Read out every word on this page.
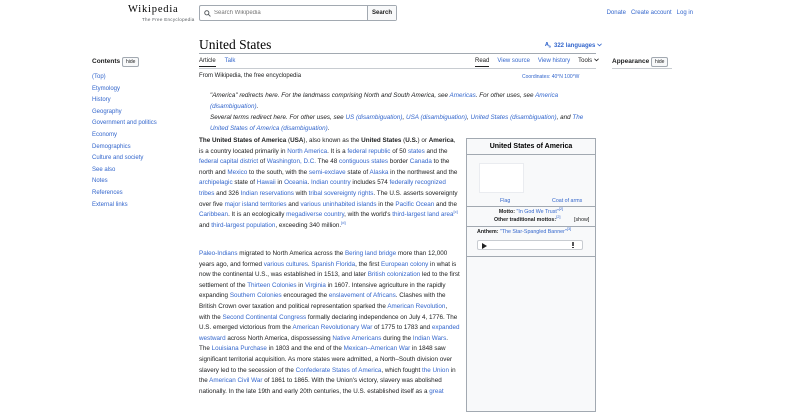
Wikipedia
The Free Encyclopedia
Search Wikipedia
Search	Donate Create account Log in
Contents	hide
(Top)
Etymology
History
Geography
Government and politics
Economy
Demographics
Culture and society
See also
Notes
References
External links
United States	A a 322 languages
Article Talk	Read View source View history Tools	Appearance	hide
From Wikipedia, the free encyclopedia	Coordinates: 40°N 100°W
"America" redirects here. For the landmass comprising North and South America, see Americas. For other uses, see America (disambiguation).
Several terms redirect here. For other uses, see US (disambiguation), USA (disambiguation), United States (disambiguation), and The United States of America (disambiguation).
The United States of America (USA), also known as the United States (U.S.) or America, is a country located primarily in North America. It is a federal republic of 50 states and the federal capital district of Washington, D.C. The 48 contiguous states border Canada to the north and Mexico to the south, with the semi-exclave state of Alaska in the northwest and the archipelagic state of Hawaii in Oceania. Indian country includes 574 federally recognized tribes and 326 Indian reservations with tribal sovereignty rights. The U.S. asserts sovereignty over five major island territories and various uninhabited islands in the Pacific Ocean and the Caribbean. It is an ecologically megadiverse country, with the world's third-largest land area[c] and third-largest population, exceeding 340 million.[d]
Paleo-Indians migrated to North America across the Bering land bridge more than 12,000 years ago, and formed various cultures. Spanish Florida, the first European colony in what is now the continental U.S., was established in 1513, and later British colonization led to the first settlement of the Thirteen Colonies in Virginia in 1607. Intensive agriculture in the rapidly expanding Southern Colonies encouraged the enslavement of Africans. Clashes with the British Crown over taxation and political representation sparked the American Revolution, with the Second Continental Congress formally declaring independence on July 4, 1776. The U.S. emerged victorious from the American Revolutionary War of 1775 to 1783 and expanded westward across North America, dispossessing Native Americans during the Indian Wars. The Louisiana Purchase in 1803 and the end of the Mexican–American War in 1848 saw significant territorial acquisition. As more states were admitted, a North–South division over slavery led to the secession of the Confederate States of America, which fought the Union in the American Civil War of 1861 to 1865. With the Union's victory, slavery was abolished nationally. In the late 19th and early 20th centuries, the U.S. established itself as a great
United States of America
Flag	Coat of arms
Motto: "In God We Trust"[2]
Other traditional mottos:[2]
[show]
Anthem: "The Star-Spangled Banner"[3]
